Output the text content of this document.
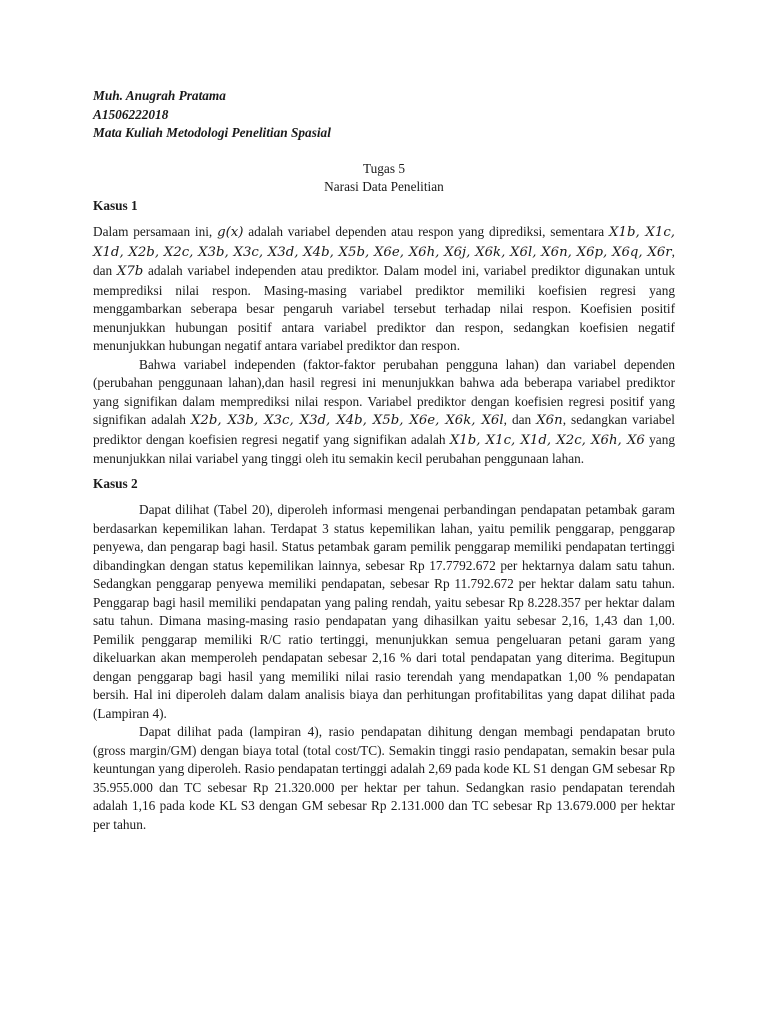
Muh. Anugrah Pratama

A1506222018

Mata Kuliah Metodologi Penelitian Spasial

Tugas 5

Narasi Data Penelitian

Kasus 1

Dalam persamaan ini, g(x) adalah variabel dependen atau respon yang diprediksi, sementara X1b, X1c, X1d, X2b, X2c, X3b, X3c, X3d, X4b, X5b, X6e, X6h, X6j, X6k, X6l, X6n, X6p, X6q, X6r, dan X7b adalah variabel independen atau prediktor. Dalam model ini, variabel prediktor digunakan untuk memprediksi nilai respon. Masing-masing variabel prediktor memiliki koefisien regresi yang menggambarkan seberapa besar pengaruh variabel tersebut terhadap nilai respon. Koefisien positif menunjukkan hubungan positif antara variabel prediktor dan respon, sedangkan koefisien negatif menunjukkan hubungan negatif antara variabel prediktor dan respon.

Bahwa variabel independen (faktor-faktor perubahan pengguna lahan) dan variabel dependen (perubahan penggunaan lahan),dan hasil regresi ini menunjukkan bahwa ada beberapa variabel prediktor yang signifikan dalam memprediksi nilai respon. Variabel prediktor dengan koefisien regresi positif yang signifikan adalah X2b, X3b, X3c, X3d, X4b, X5b, X6e, X6k, X6l, dan X6n, sedangkan variabel prediktor dengan koefisien regresi negatif yang signifikan adalah X1b, X1c, X1d, X2c, X6h, X6 yang menunjukkan nilai variabel yang tinggi oleh itu semakin kecil perubahan penggunaan lahan.

Kasus 2

Dapat dilihat (Tabel 20), diperoleh informasi mengenai perbandingan pendapatan petambak garam berdasarkan kepemilikan lahan. Terdapat 3 status kepemilikan lahan, yaitu pemilik penggarap, penggarap penyewa, dan pengarap bagi hasil. Status petambak garam pemilik penggarap memiliki pendapatan tertinggi dibandingkan dengan status kepemilikan lainnya, sebesar Rp 17.7792.672 per hektarnya dalam satu tahun. Sedangkan penggarap penyewa memiliki pendapatan, sebesar Rp 11.792.672 per hektar dalam satu tahun. Penggarap bagi hasil memiliki pendapatan yang paling rendah, yaitu sebesar Rp 8.228.357 per hektar dalam satu tahun. Dimana masing-masing rasio pendapatan yang dihasilkan yaitu sebesar 2,16, 1,43 dan 1,00. Pemilik penggarap memiliki R/C ratio tertinggi, menunjukkan semua pengeluaran petani garam yang dikeluarkan akan memperoleh pendapatan sebesar 2,16 % dari total pendapatan yang diterima. Begitupun dengan penggarap bagi hasil yang memiliki nilai rasio terendah yang mendapatkan 1,00 % pendapatan bersih. Hal ini diperoleh dalam dalam analisis biaya dan perhitungan profitabilitas yang dapat dilihat pada (Lampiran 4).

Dapat dilihat pada (lampiran 4), rasio pendapatan dihitung dengan membagi pendapatan bruto (gross margin/GM) dengan biaya total (total cost/TC). Semakin tinggi rasio pendapatan, semakin besar pula keuntungan yang diperoleh. Rasio pendapatan tertinggi adalah 2,69 pada kode KL S1 dengan GM sebesar Rp 35.955.000 dan TC sebesar Rp 21.320.000 per hektar per tahun. Sedangkan rasio pendapatan terendah adalah 1,16 pada kode KL S3 dengan GM sebesar Rp 2.131.000 dan TC sebesar Rp 13.679.000 per hektar per tahun.
